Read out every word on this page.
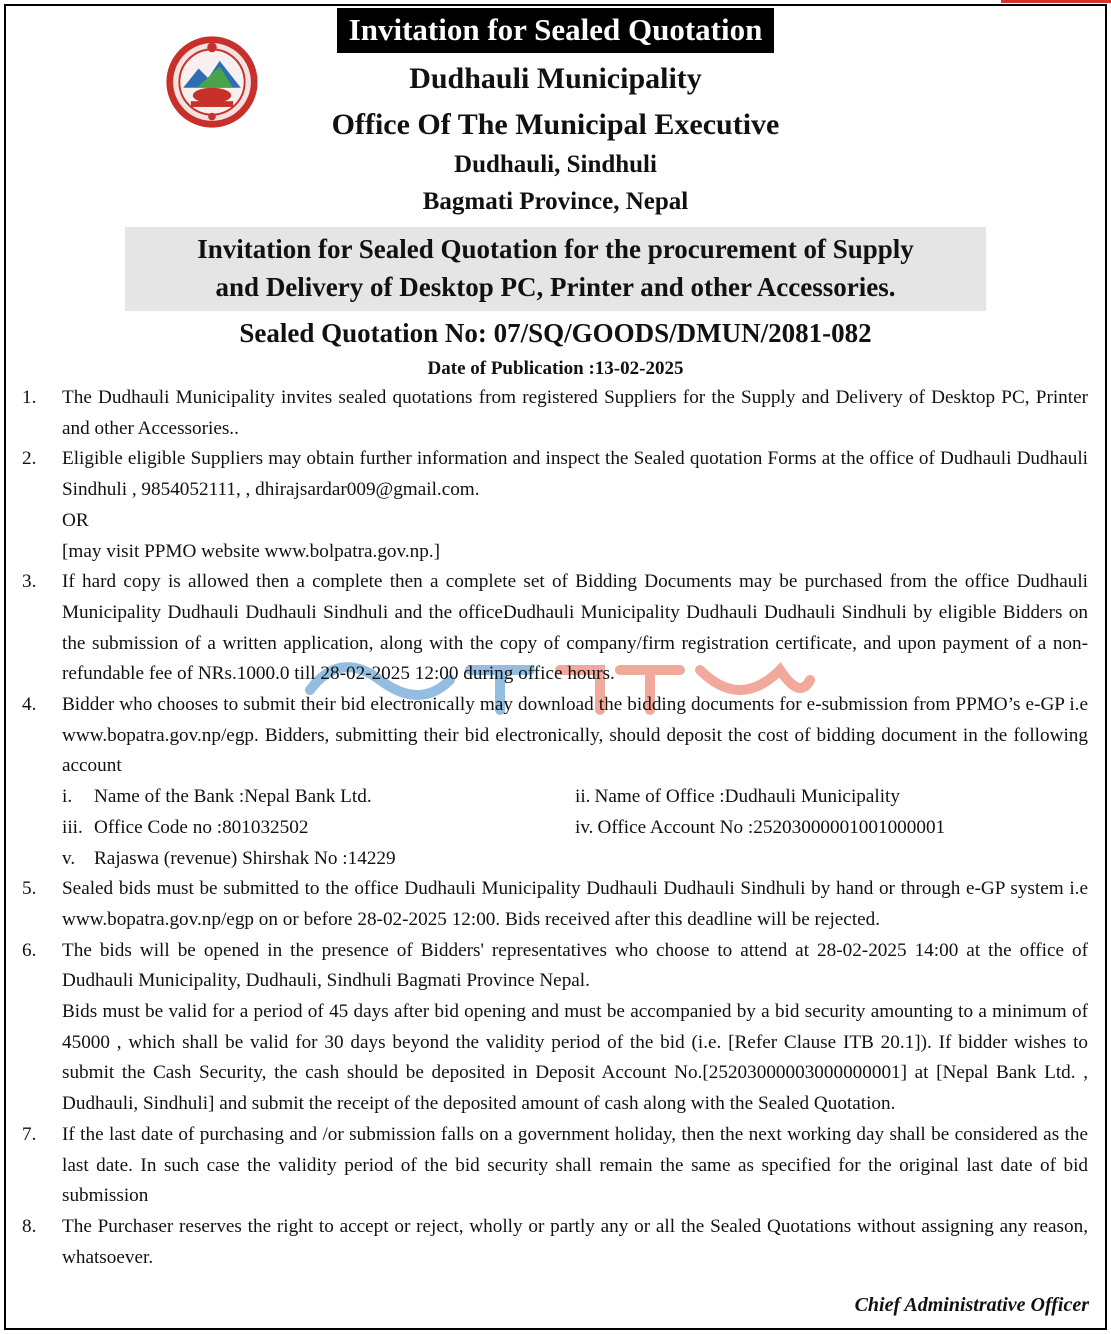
Invitation for Sealed Quotation
Dudhauli Municipality
Office Of The Municipal Executive
Dudhauli, Sindhuli
Bagmati Province, Nepal
Invitation for Sealed Quotation for the procurement of Supply
and Delivery of Desktop PC, Printer and other Accessories.
Sealed Quotation No: 07/SQ/GOODS/DMUN/2081-082
Date of Publication :13-02-2025
1. The Dudhauli Municipality invites sealed quotations from registered Suppliers for the Supply and Delivery of Desktop PC, Printer and other Accessories..

2. Eligible eligible Suppliers may obtain further information and inspect the Sealed quotation Forms at the office of Dudhauli Dudhauli Sindhuli , 9854052111, , dhirajsardar009@gmail.com.

OR

[may visit PPMO website www.bolpatra.gov.np.]

3. If hard copy is allowed then a complete then a complete set of Bidding Documents may be purchased from the office Dudhauli Municipality Dudhauli Dudhauli Sindhuli and the officeDudhauli Municipality Dudhauli Dudhauli Sindhuli by eligible Bidders on the submission of a written application, along with the copy of company/firm registration certificate, and upon payment of a non-refundable fee of NRs.1000.0 till 28-02-2025 12:00 during office hours.

4. Bidder who chooses to submit their bid electronically may download the bidding documents for e-submission from PPMO’s e-GP i.e www.bopatra.gov.np/egp. Bidders, submitting their bid electronically, should deposit the cost of bidding document in the following account

i.	Name of the Bank :Nepal Bank Ltd.	ii. Name of Office :Dudhauli Municipality
iii. Office Code no :801032502	iv. Office Account No :25203000001001000001
v. Rajaswa (revenue) Shirshak No :14229
5. Sealed bids must be submitted to the office Dudhauli Municipality Dudhauli Dudhauli Sindhuli by hand or through e-GP system i.e www.bopatra.gov.np/egp on or before 28-02-2025 12:00. Bids received after this deadline will be rejected.

6. The bids will be opened in the presence of Bidders' representatives who choose to attend at 28-02-2025 14:00 at the office of Dudhauli Municipality, Dudhauli, Sindhuli Bagmati Province Nepal.

Bids must be valid for a period of 45 days after bid opening and must be accompanied by a bid security amounting to a minimum of 45000 , which shall be valid for 30 days beyond the validity period of the bid (i.e. [Refer Clause ITB 20.1]). If bidder wishes to submit the Cash Security, the cash should be deposited in Deposit Account No.[25203000003000000001] at [Nepal Bank Ltd. , Dudhauli, Sindhuli] and submit the receipt of the deposited amount of cash along with the Sealed Quotation.

7. If the last date of purchasing and /or submission falls on a government holiday, then the next working day shall be considered as the last date. In such case the validity period of the bid security shall remain the same as specified for the original last date of bid submission

8. The Purchaser reserves the right to accept or reject, wholly or partly any or all the Sealed Quotations without assigning any reason, whatsoever.

Chief Administrative Officer
